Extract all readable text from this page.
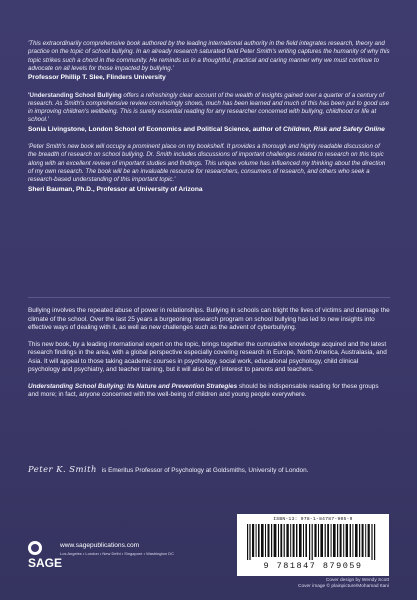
'This extraordinarily comprehensive book authored by the leading international authority in the field integrates research, theory and practice on the topic of school bullying. In an already research saturated field Peter Smith's writing captures the humanity of why this topic strikes such a chord in the community. He reminds us in a thoughtful, practical and caring manner why we must continue to advocate on all levels for those impacted by bullying.'

Professor Phillip T. Slee, Flinders University

'Understanding School Bullying offers a refreshingly clear account of the wealth of insights gained over a quarter of a century of research. As Smith's comprehensive review convincingly shows, much has been learned and much of this has been put to good use in improving children's wellbeing. This is surely essential reading for any researcher concerned with bullying, childhood or life at school.'

Sonia Livingstone, London School of Economics and Political Science, author of Children, Risk and Safety Online

'Peter Smith's new book will occupy a prominent place on my bookshelf. It provides a thorough and highly readable discussion of the breadth of research on school bullying. Dr. Smith includes discussions of important challenges related to research on this topic along with an excellent review of important studies and findings. This unique volume has influenced my thinking about the direction of my own research. The book will be an invaluable resource for researchers, consumers of research, and others who seek a research-based understanding of this important topic.'

Sheri Bauman, Ph.D., Professor at University of Arizona

Bullying involves the repeated abuse of power in relationships. Bullying in schools can blight the lives of victims and damage the climate of the school. Over the last 25 years a burgeoning research program on school bullying has led to new insights into effective ways of dealing with it, as well as new challenges such as the advent of cyberbullying.

This new book, by a leading international expert on the topic, brings together the cumulative knowledge acquired and the latest research findings in the area, with a global perspective especially covering research in Europe, North America, Australasia, and Asia. It will appeal to those taking academic courses in psychology, social work, educational psychology, child clinical psychology and psychiatry, and teacher training, but it will also be of interest to parents and teachers.

Understanding School Bullying: Its Nature and Prevention Strategies should be indispensable reading for these groups and more; in fact, anyone concerned with the well-being of children and young people everywhere.

Peter K. Smith is Emeritus Professor of Psychology at Goldsmiths, University of London.
SAGE
www.sagepublications.com
Los Angeles • London • New Delhi • Singapore • Washington DC
ISBN-13: 978-1-84787-905-9
9 781847 879059
Cover design by Wendy Scott
Cover image © plainpicture/Mohamad Itani
